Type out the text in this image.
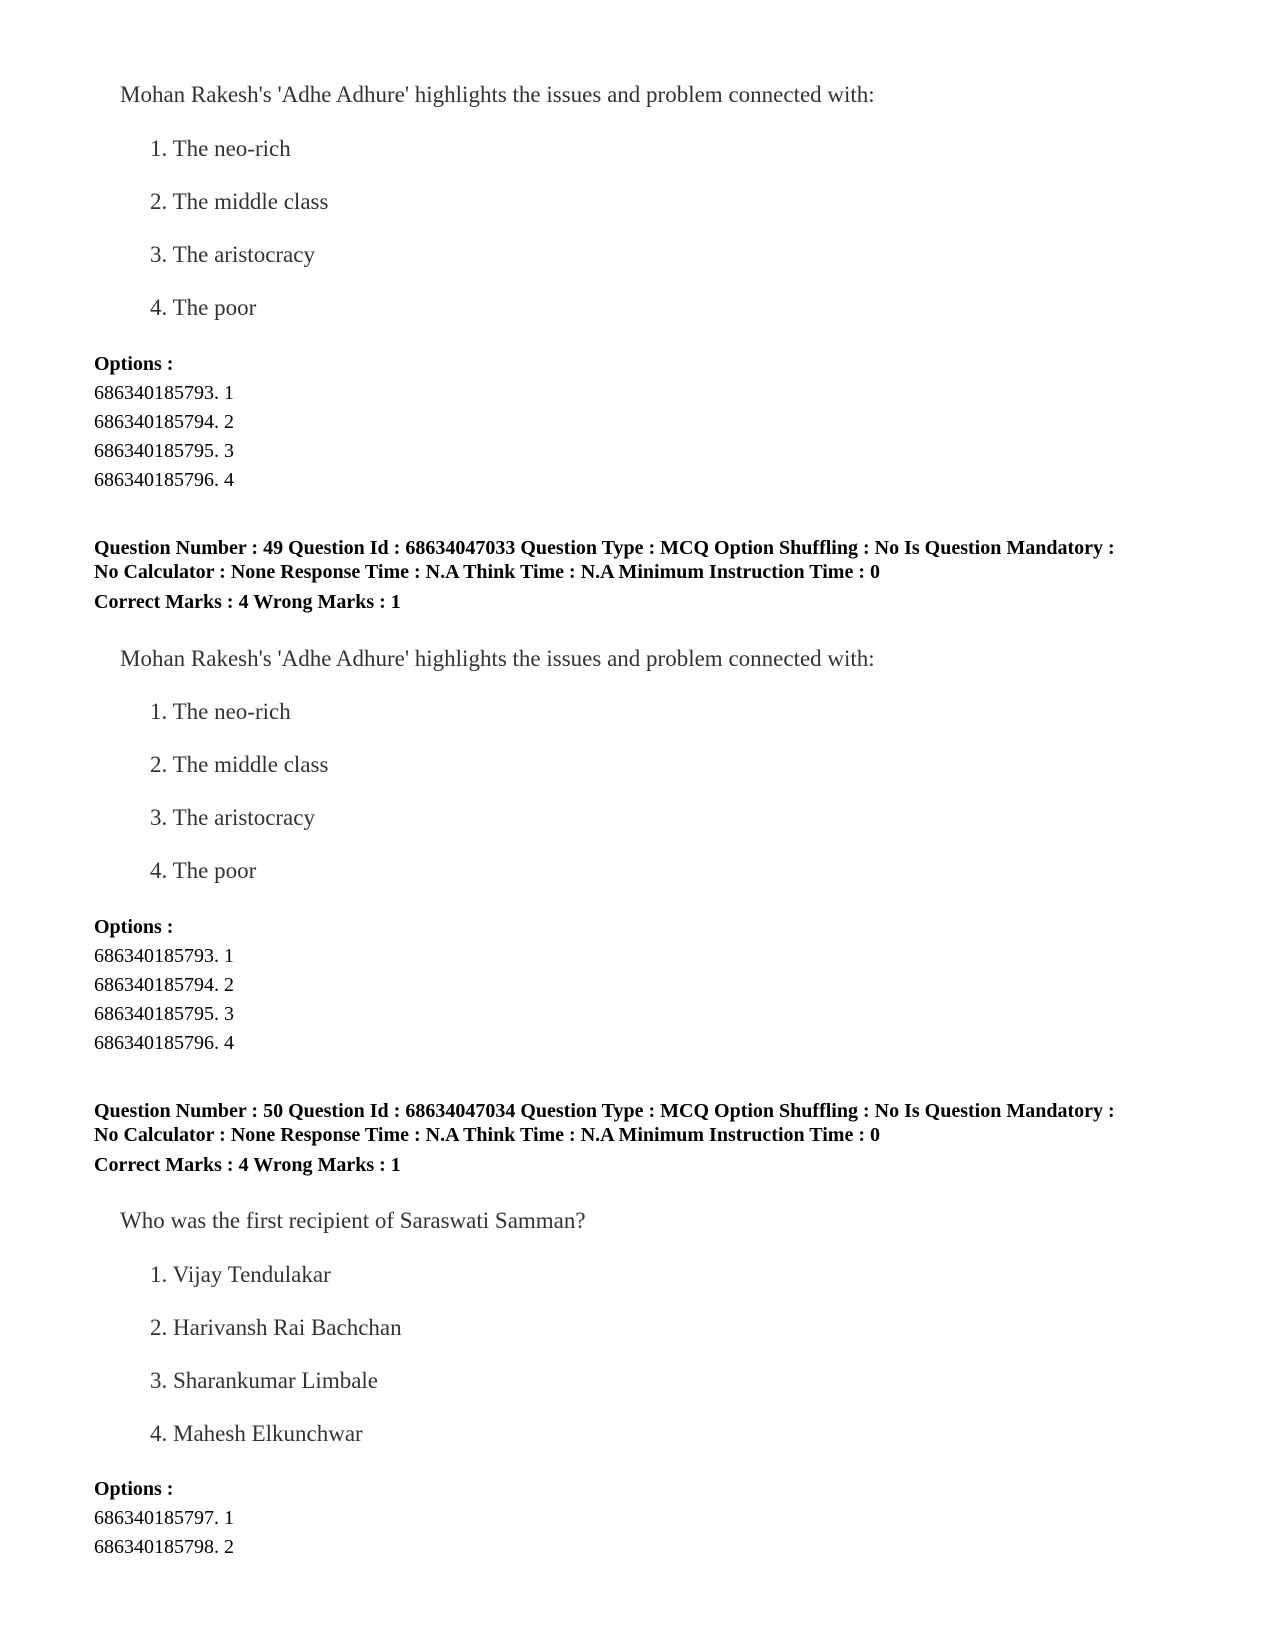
Mohan Rakesh's 'Adhe Adhure' highlights the issues and problem connected with:
1. The neo-rich
2. The middle class
3. The aristocracy
4. The poor
Options :
686340185793. 1
686340185794. 2
686340185795. 3
686340185796. 4
Question Number : 49 Question Id : 68634047033 Question Type : MCQ Option Shuffling : No Is Question Mandatory :
No Calculator : None Response Time : N.A Think Time : N.A Minimum Instruction Time : 0
Correct Marks : 4 Wrong Marks : 1
Mohan Rakesh's 'Adhe Adhure' highlights the issues and problem connected with:
1. The neo-rich
2. The middle class
3. The aristocracy
4. The poor
Options :
686340185793. 1
686340185794. 2
686340185795. 3
686340185796. 4
Question Number : 50 Question Id : 68634047034 Question Type : MCQ Option Shuffling : No Is Question Mandatory :
No Calculator : None Response Time : N.A Think Time : N.A Minimum Instruction Time : 0
Correct Marks : 4 Wrong Marks : 1
Who was the first recipient of Saraswati Samman?
1. Vijay Tendulakar
2. Harivansh Rai Bachchan
3. Sharankumar Limbale
4. Mahesh Elkunchwar
Options :
686340185797. 1
686340185798. 2
